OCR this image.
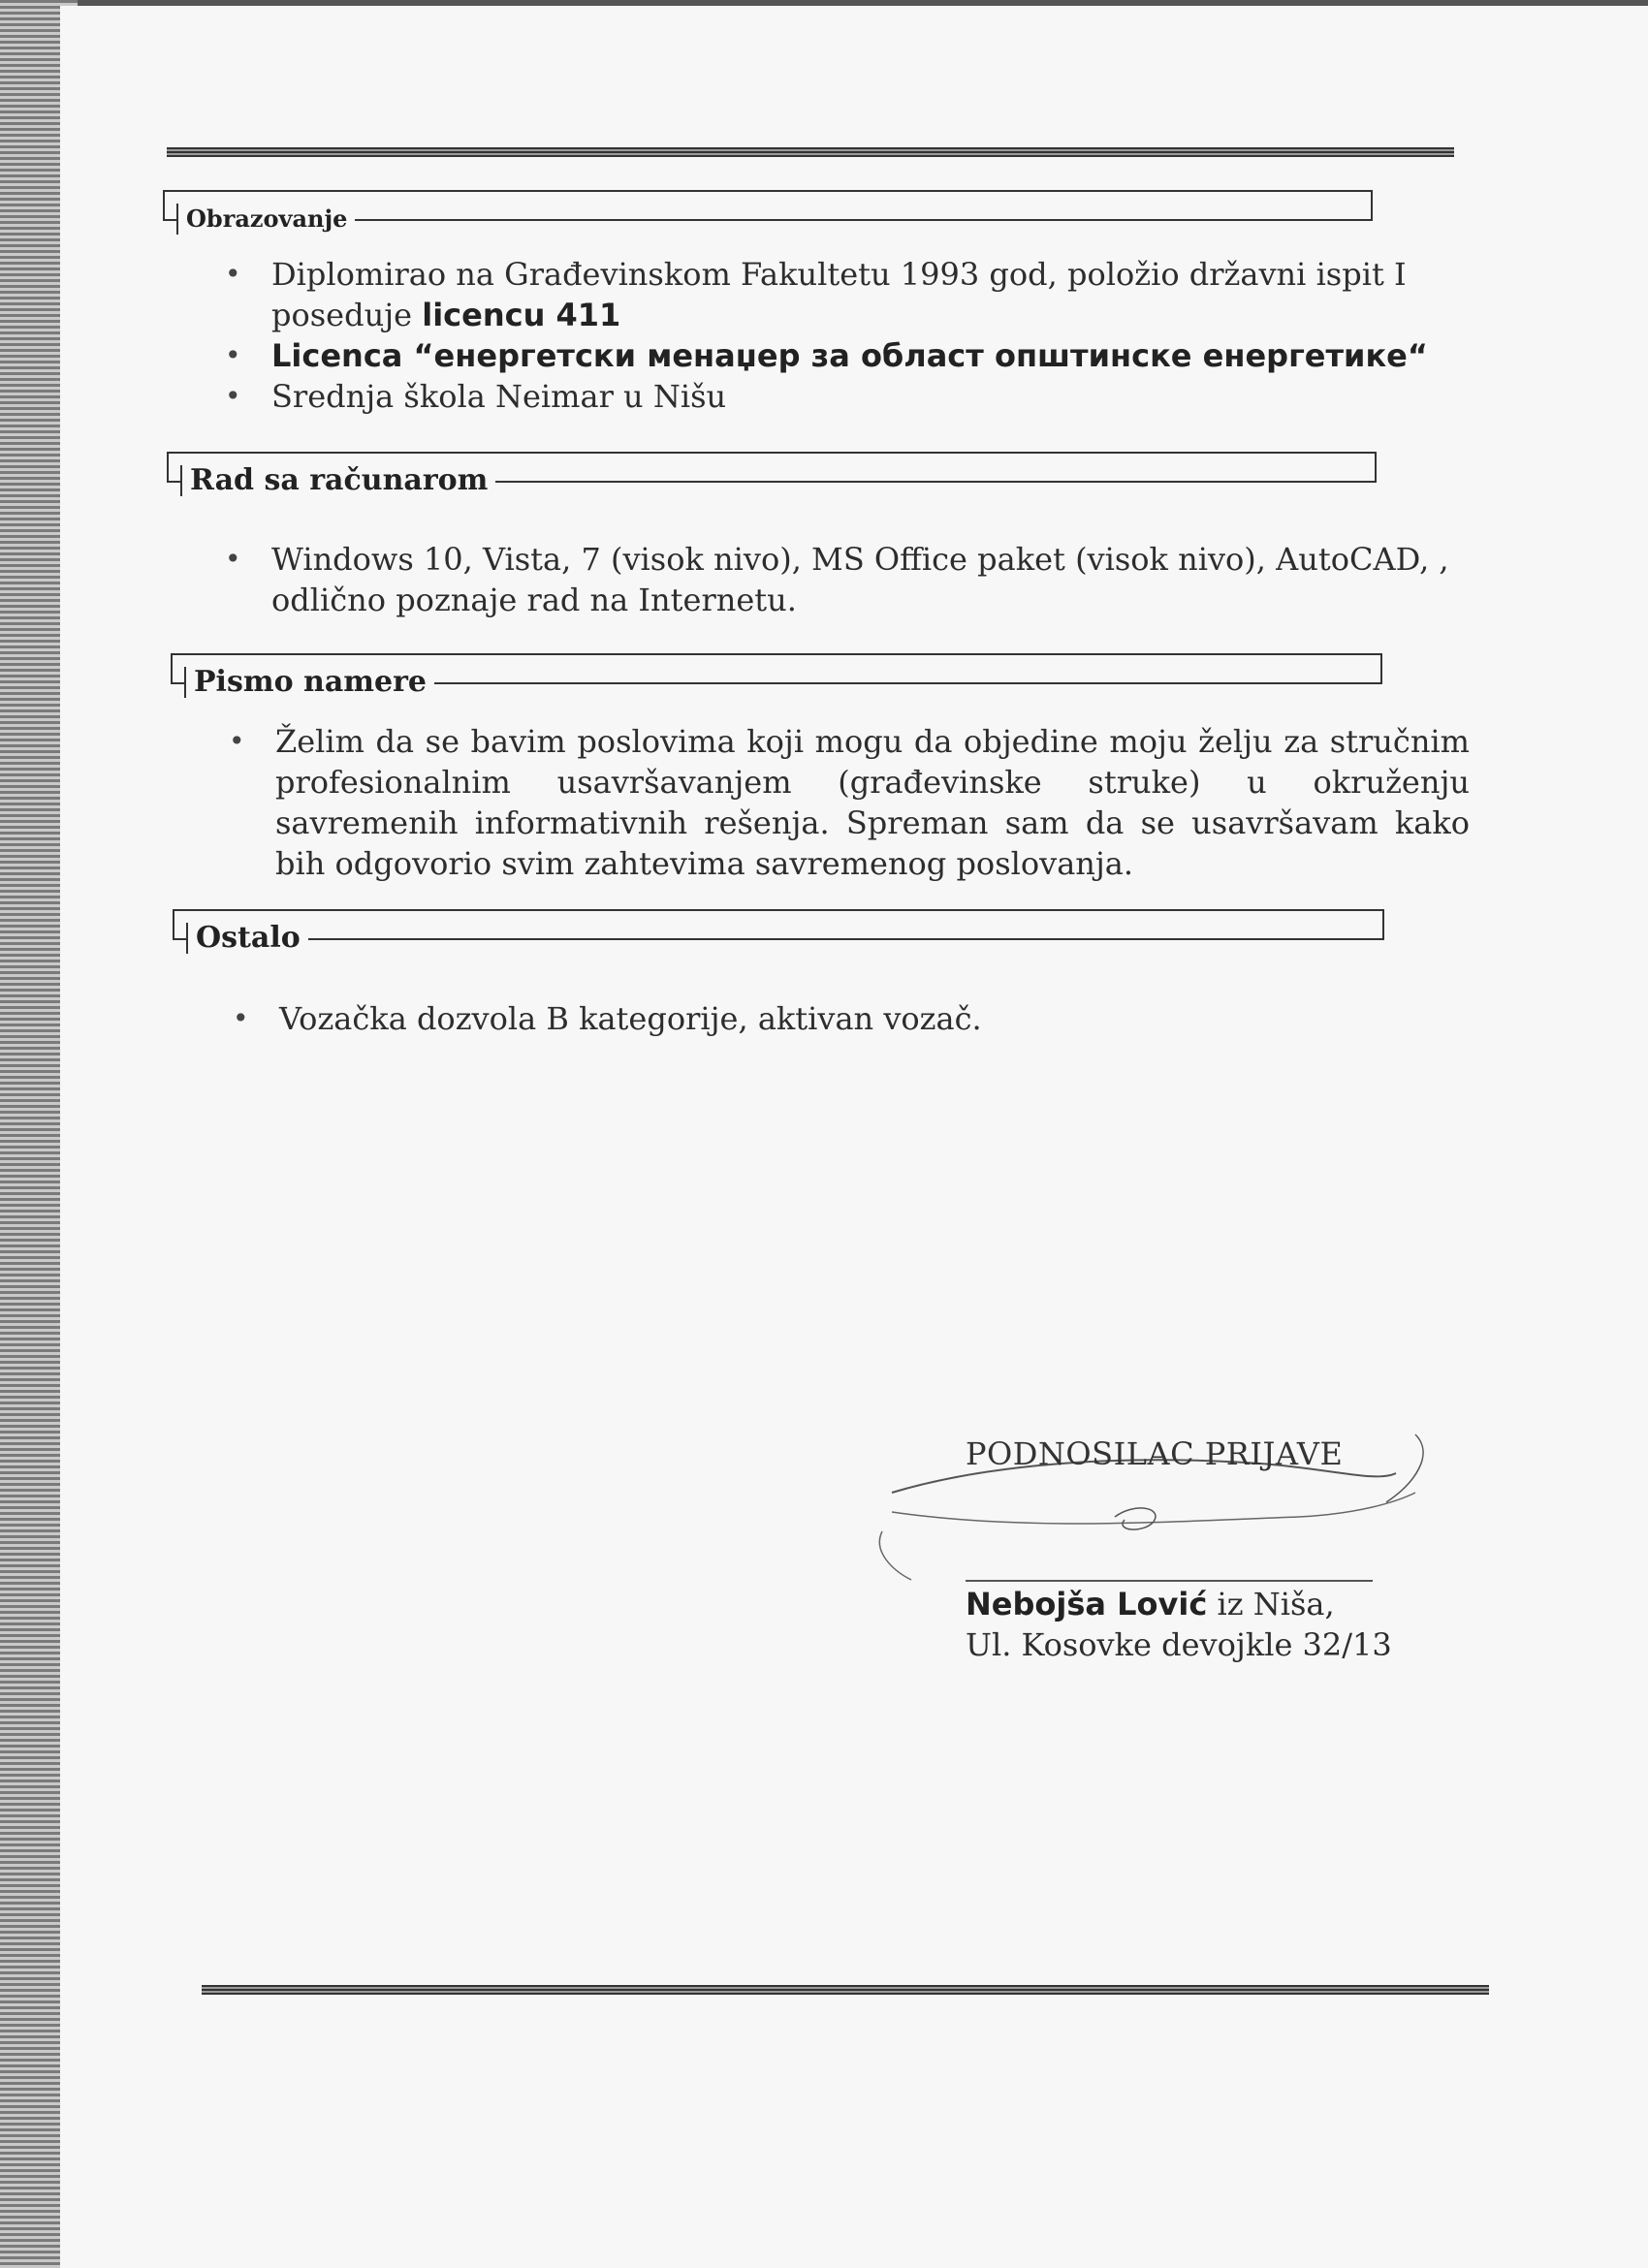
Obrazovanje
• Diplomirao na Građevinskom Fakultetu 1993 god, položio državni ispit I poseduje licencu 411
• Licenca “енергетски менаџер за област општинске енергетике“
• Srednja škola Neimar u Nišu
Rad sa računarom
• Windows 10, Vista, 7 (visok nivo), MS Office paket (visok nivo), AutoCAD, , odlično poznaje rad na Internetu.
Pismo namere
• Želim da se bavim poslovima koji mogu da objedine moju želju za stručnim profesionalnim usavršavanjem (građevinske struke) u okruženju savremenih informativnih rešenja. Spreman sam da se usavršavam kako bih odgovorio svim zahtevima savremenog poslovanja.
Ostalo
• Vozačka dozvola B kategorije, aktivan vozač.
PODNOSILAC PRIJAVE
Nebojša Lović iz Niša,
Ul. Kosovke devojkle 32/13
